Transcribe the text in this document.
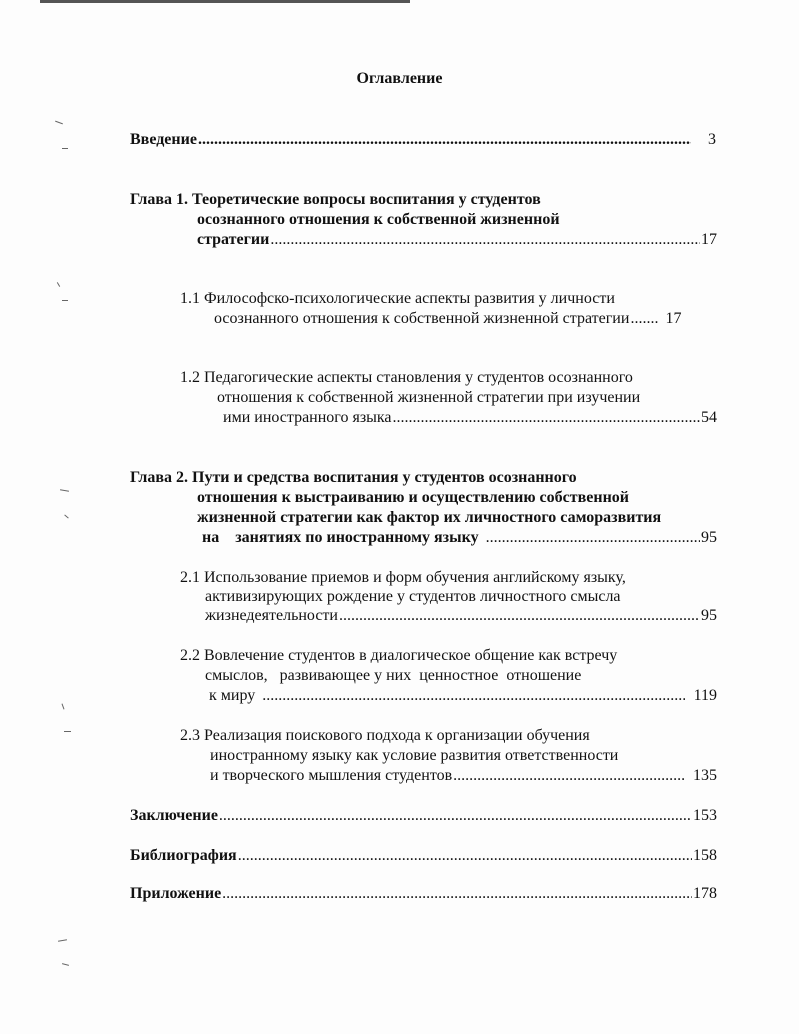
Оглавление
Введение .....	3
Глава 1. Теоретические вопросы воспитания у студентов
осознанного отношения к собственной жизненной
стратегии .....	17
1.1 Философско-психологические аспекты развития у личности
осознанного отношения к собственной жизненной стратегии .....	17
1.2 Педагогические аспекты становления у студентов осознанного
отношения к собственной жизненной стратегии при изучении
ими иностранного языка .....	54
Глава 2. Пути и средства воспитания у студентов осознанного
отношения к выстраиванию и осуществлению собственной
жизненной стратегии как фактор их личностного саморазвития
на    занятиях по иностранному языку .....	95
2.1 Использование приемов и форм обучения английскому языку,
активизирующих рождение у студентов личностного смысла
жизнедеятельности .....	95
2.2 Вовлечение студентов в диалогическое общение как встречу
смыслов,   развивающее у них  ценностное  отношение
к миру .....	119
2.3 Реализация поискового подхода к организации обучения
иностранному языку как условие развития ответственности
и творческого мышления студентов .....	135
Заключение .....	153
Библиография .....	158
Приложение .....	178
